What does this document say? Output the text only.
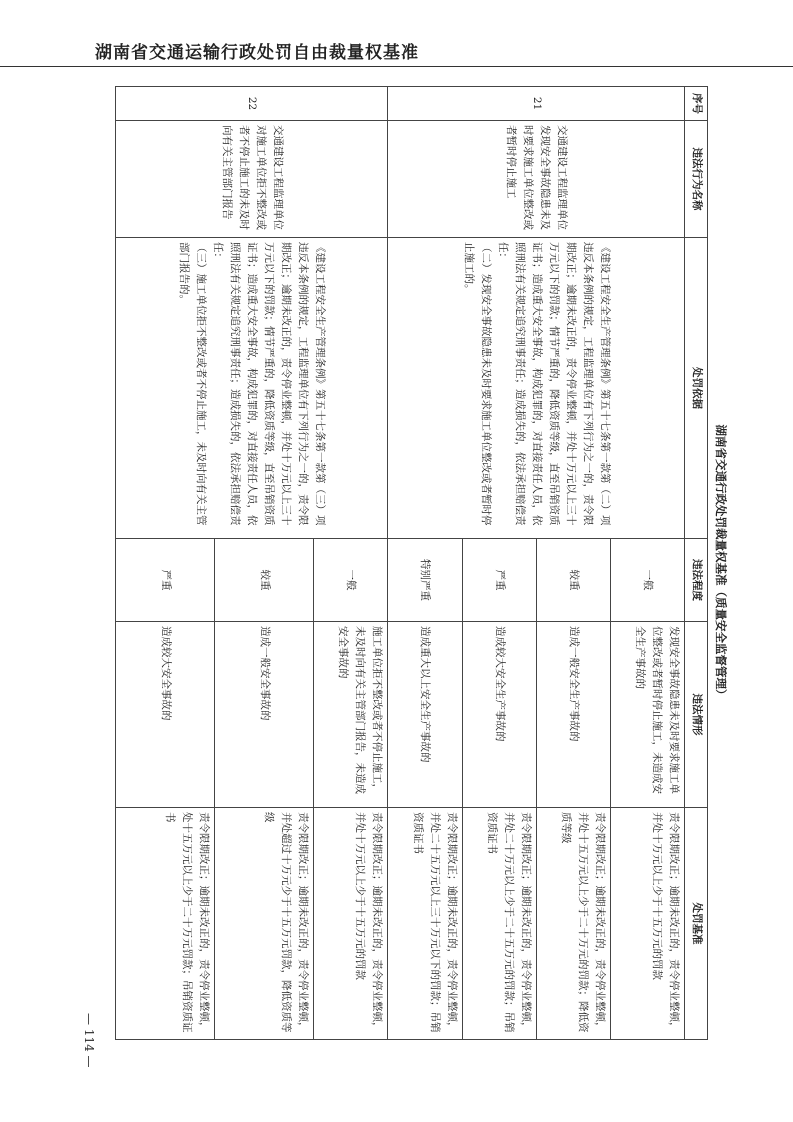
湖南省交通运输行政处罚自由裁量权基准
— 114 —
湖南省交通行政处罚裁量权基准（质量安全监督管理）
序号	违法行为名称	处罚依据	违法程度	违法情形	处罚基准
21	交通建设工程监理单位发现安全事故隐患未及时要求施工单位整改或者暂时停止施工	《建设工程安全生产管理条例》第五十七条第一款第（二）项　违反本条例的规定，工程监理单位有下列行为之一的，责令限期改正；逾期未改正的，责令停业整顿，并处十万元以上三十万元以下的罚款；情节严重的，降低资质等级，直至吊销资质证书；造成重大安全事故，构成犯罪的，对直接责任人员，依照刑法有关规定追究刑事责任；造成损失的，依法承担赔偿责任：
（二）发现安全事故隐患未及时要求施工单位整改或者暂时停止施工的。	一般	发现安全事故隐患未及时要求施工单位整改或者暂时停止施工，未造成安全生产事故的	责令限期改正；逾期未改正的，责令停业整顿，并处十万元以上少于十五万元的罚款
			较重	造成一般安全生产事故的	责令限期改正；逾期未改正的，责令停业整顿，并处十五万元以上少于二十万元的罚款；降低资质等级
			严重	造成较大安全生产事故的	责令限期改正；逾期未改正的，责令停业整顿，并处二十万元以上少于二十五万元的罚款；吊销资质证书
			特别严重	造成重大以上安全生产事故的	责令限期改正；逾期未改正的，责令停业整顿，并处二十五万元以上三十万元以下的罚款；吊销资质证书
22	交通建设工程监理单位对施工单位拒不整改或者不停止施工的未及时向有关主管部门报告	《建设工程安全生产管理条例》第五十七条第一款第（三）项　违反本条例的规定，工程监理单位有下列行为之一的，责令限期改正；逾期未改正的，责令停业整顿，并处十万元以上三十万元以下的罚款；情节严重的，降低资质等级，直至吊销资质证书；造成重大安全事故，构成犯罪的，对直接责任人员，依照刑法有关规定追究刑事责任；造成损失的，依法承担赔偿责任：
（三）施工单位拒不整改或者不停止施工，未及时向有关主管部门报告的。	一般	施工单位拒不整改或者不停止施工，未及时向有关主管部门报告，未造成安全事故的	责令限期改正；逾期未改正的，责令停业整顿，并处十万元以上少于十五万元的罚款
			较重	造成一般安全事故的	责令限期改正；逾期未改正的，责令停业整顿，并处超过十万元少于十五万元罚款，降低资质等级
			严重	造成较大安全事故的	责令限期改正；逾期未改正的，责令停业整顿，处十五万元以上少于二十万元罚款；吊销资质证书
